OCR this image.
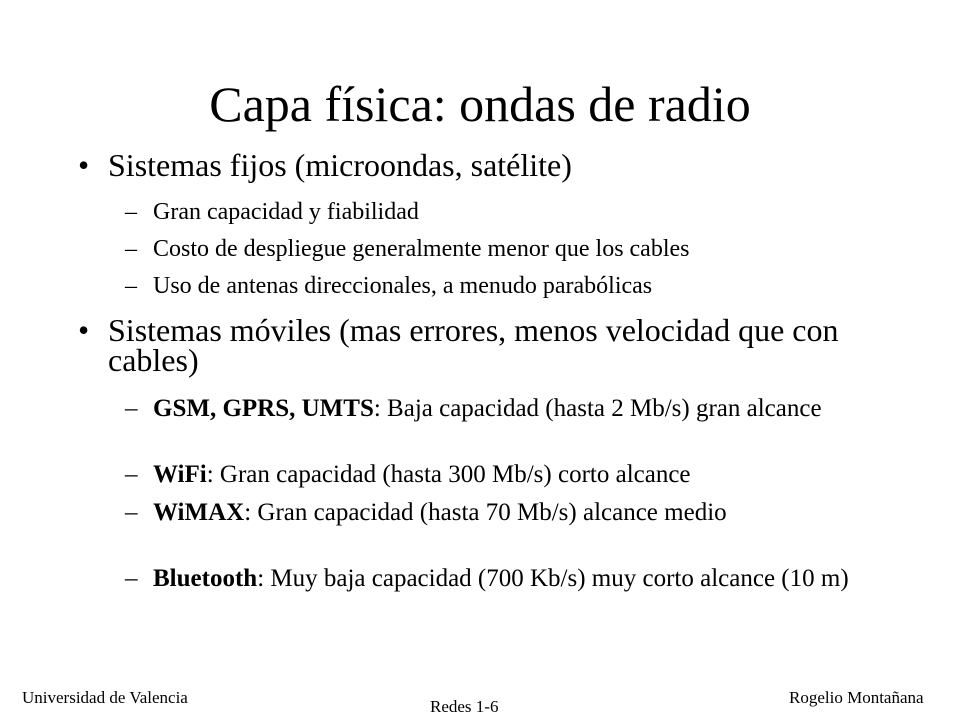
Capa física: ondas de radio
• Sistemas fijos (microondas, satélite)
– Gran capacidad y fiabilidad
– Costo de despliegue generalmente menor que los cables
– Uso de antenas direccionales, a menudo parabólicas
• Sistemas móviles (mas errores, menos velocidad que con cables)
– GSM, GPRS, UMTS: Baja capacidad (hasta 2 Mb/s) gran alcance
– WiFi: Gran capacidad (hasta 300 Mb/s) corto alcance
– WiMAX: Gran capacidad (hasta 70 Mb/s) alcance medio
– Bluetooth: Muy baja capacidad (700 Kb/s) muy corto alcance (10 m)
Universidad de Valencia	Redes 1-6	Rogelio Montañana
